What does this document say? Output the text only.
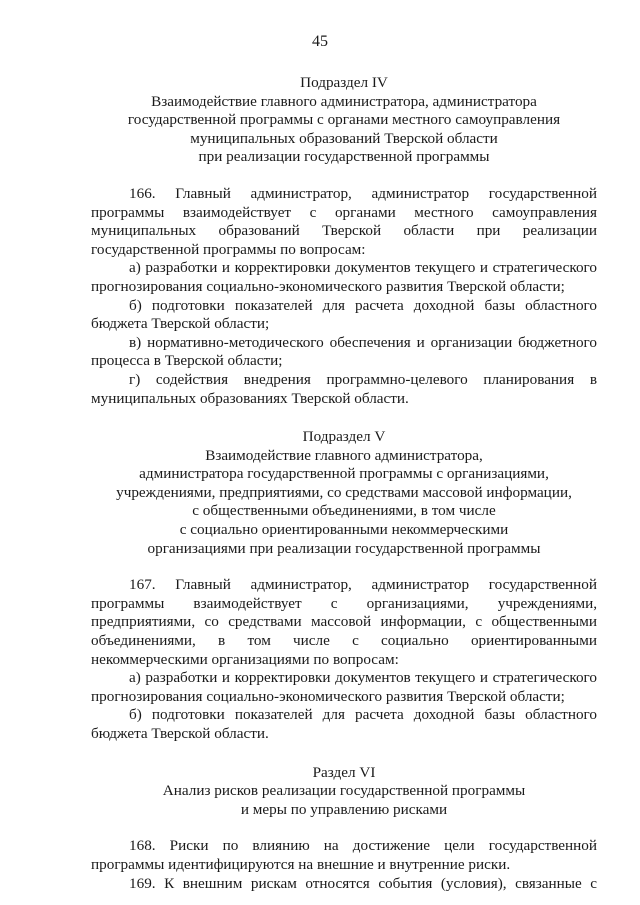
45
Подраздел IV
Взаимодействие главного администратора, администратора
государственной программы с органами местного самоуправления
муниципальных образований Тверской области
при реализации государственной программы

166. Главный администратор, администратор государственной программы взаимодействует с органами местного самоуправления муниципальных образований Тверской области при реализации государственной программы по вопросам:

а) разработки и корректировки документов текущего и стратегического прогнозирования социально-экономического развития Тверской области;

б) подготовки показателей для расчета доходной базы областного бюджета Тверской области;

в) нормативно-методического обеспечения и организации бюджетного процесса в Тверской области;

г) содействия внедрения программно-целевого планирования в муниципальных образованиях Тверской области.

Подраздел V
Взаимодействие главного администратора,
администратора государственной программы с организациями,
учреждениями, предприятиями, со средствами массовой информации,
с общественными объединениями, в том числе
с социально ориентированными некоммерческими
организациями при реализации государственной программы

167. Главный администратор, администратор государственной программы взаимодействует с организациями, учреждениями, предприятиями, со средствами массовой информации, с общественными объединениями, в том числе с социально ориентированными некоммерческими организациями по вопросам:

а) разработки и корректировки документов текущего и стратегического прогнозирования социально-экономического развития Тверской области;

б) подготовки показателей для расчета доходной базы областного бюджета Тверской области.

Раздел VI
Анализ рисков реализации государственной программы
и меры по управлению рисками

168. Риски по влиянию на достижение цели государственной программы идентифицируются на внешние и внутренние риски.

169. К внешним рискам относятся события (условия), связанные с
